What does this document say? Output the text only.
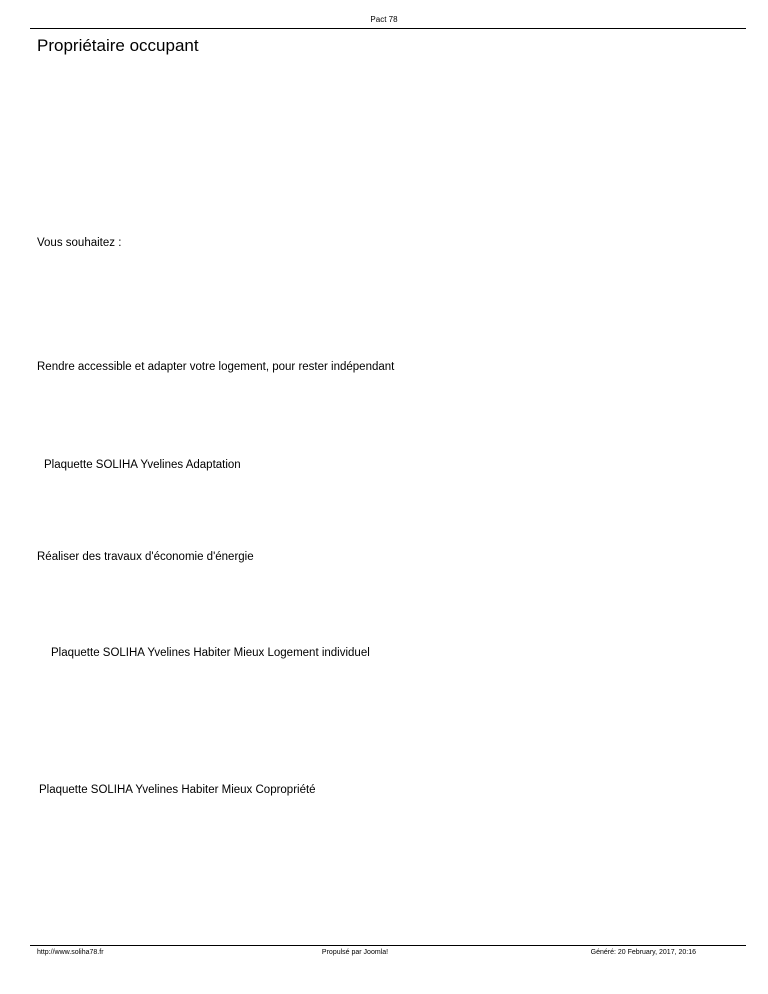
Pact 78
Propriétaire occupant
Vous souhaitez :
Rendre accessible et adapter votre logement, pour rester indépendant
Plaquette SOLIHA Yvelines Adaptation
Réaliser des travaux d'économie d'énergie
Plaquette SOLIHA Yvelines Habiter Mieux Logement individuel
Plaquette SOLIHA Yvelines Habiter Mieux Copropriété
http://www.soliha78.fr	Propulsé par Joomla!	Généré: 20 February, 2017, 20:16
